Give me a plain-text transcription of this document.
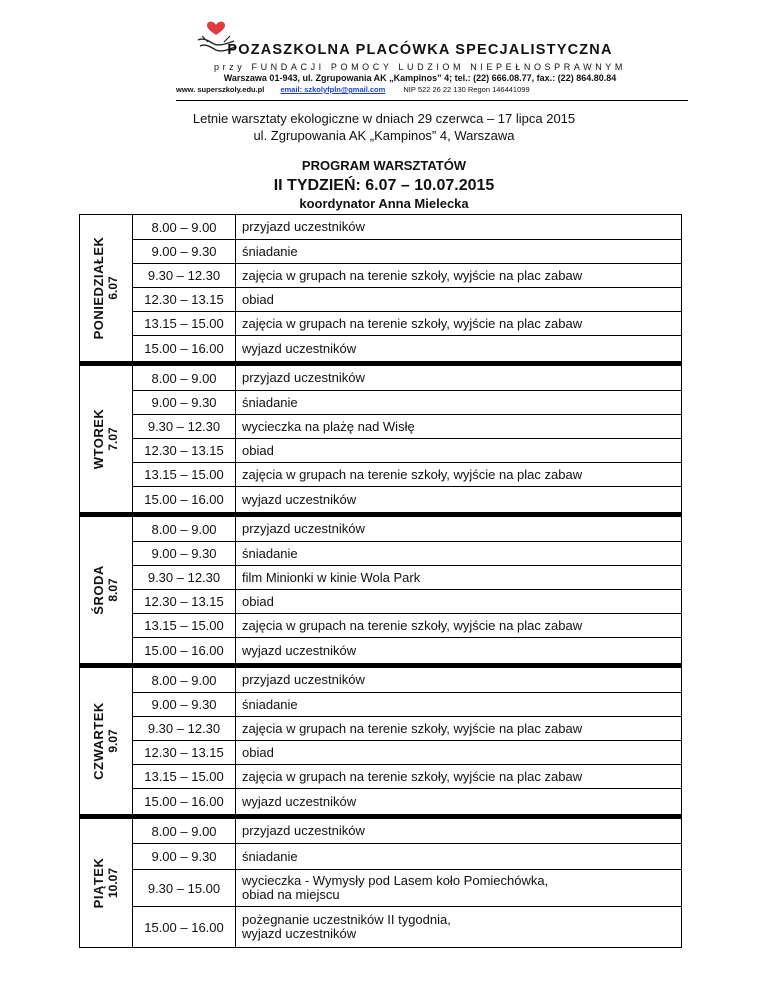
POZASZKOLNA PLACÓWKA SPECJALISTYCZNA
przy FUNDACJI POMOCY LUDZIOM NIEPEŁNOSPRAWNYM
Warszawa 01-943, ul. Zgrupowania AK „Kampinos” 4; tel.: (22) 666.08.77, fax.: (22) 864.80.84
www. superszkoly.edu.pl email: szkolyfpln@gmail.com NIP 522 26 22 130 Regon 146441099
Letnie warsztaty ekologiczne w dniach 29 czerwca – 17 lipca 2015
ul. Zgrupowania AK „Kampinos” 4, Warszawa
PROGRAM WARSZTATÓW
II TYDZIEŃ: 6.07 – 10.07.2015
koordynator Anna Mielecka
PONIEDZIAŁEK 6.07
8.00 – 9.00	przyjazd uczestników
9.00 – 9.30	śniadanie
9.30 – 12.30	zajęcia w grupach na terenie szkoły, wyjście na plac zabaw
12.30 – 13.15	obiad
13.15 – 15.00	zajęcia w grupach na terenie szkoły, wyjście na plac zabaw
15.00 – 16.00	wyjazd uczestników
WTOREK 7.07
8.00 – 9.00	przyjazd uczestników
9.00 – 9.30	śniadanie
9.30 – 12.30	wycieczka na plażę nad Wisłę
12.30 – 13.15	obiad
13.15 – 15.00	zajęcia w grupach na terenie szkoły, wyjście na plac zabaw
15.00 – 16.00	wyjazd uczestników
ŚRODA 8.07
8.00 – 9.00	przyjazd uczestników
9.00 – 9.30	śniadanie
9.30 – 12.30	film Minionki w kinie Wola Park
12.30 – 13.15	obiad
13.15 – 15.00	zajęcia w grupach na terenie szkoły, wyjście na plac zabaw
15.00 – 16.00	wyjazd uczestników
CZWARTEK 9.07
8.00 – 9.00	przyjazd uczestników
9.00 – 9.30	śniadanie
9.30 – 12.30	zajęcia w grupach na terenie szkoły, wyjście na plac zabaw
12.30 – 13.15	obiad
13.15 – 15.00	zajęcia w grupach na terenie szkoły, wyjście na plac zabaw
15.00 – 16.00	wyjazd uczestników
PIĄTEK 10.07
8.00 – 9.00	przyjazd uczestników
9.00 – 9.30	śniadanie
9.30 – 15.00	wycieczka - Wymysły pod Lasem koło Pomiechówka,
obiad na miejscu
15.00 – 16.00	pożegnanie uczestników II tygodnia,
wyjazd uczestników
